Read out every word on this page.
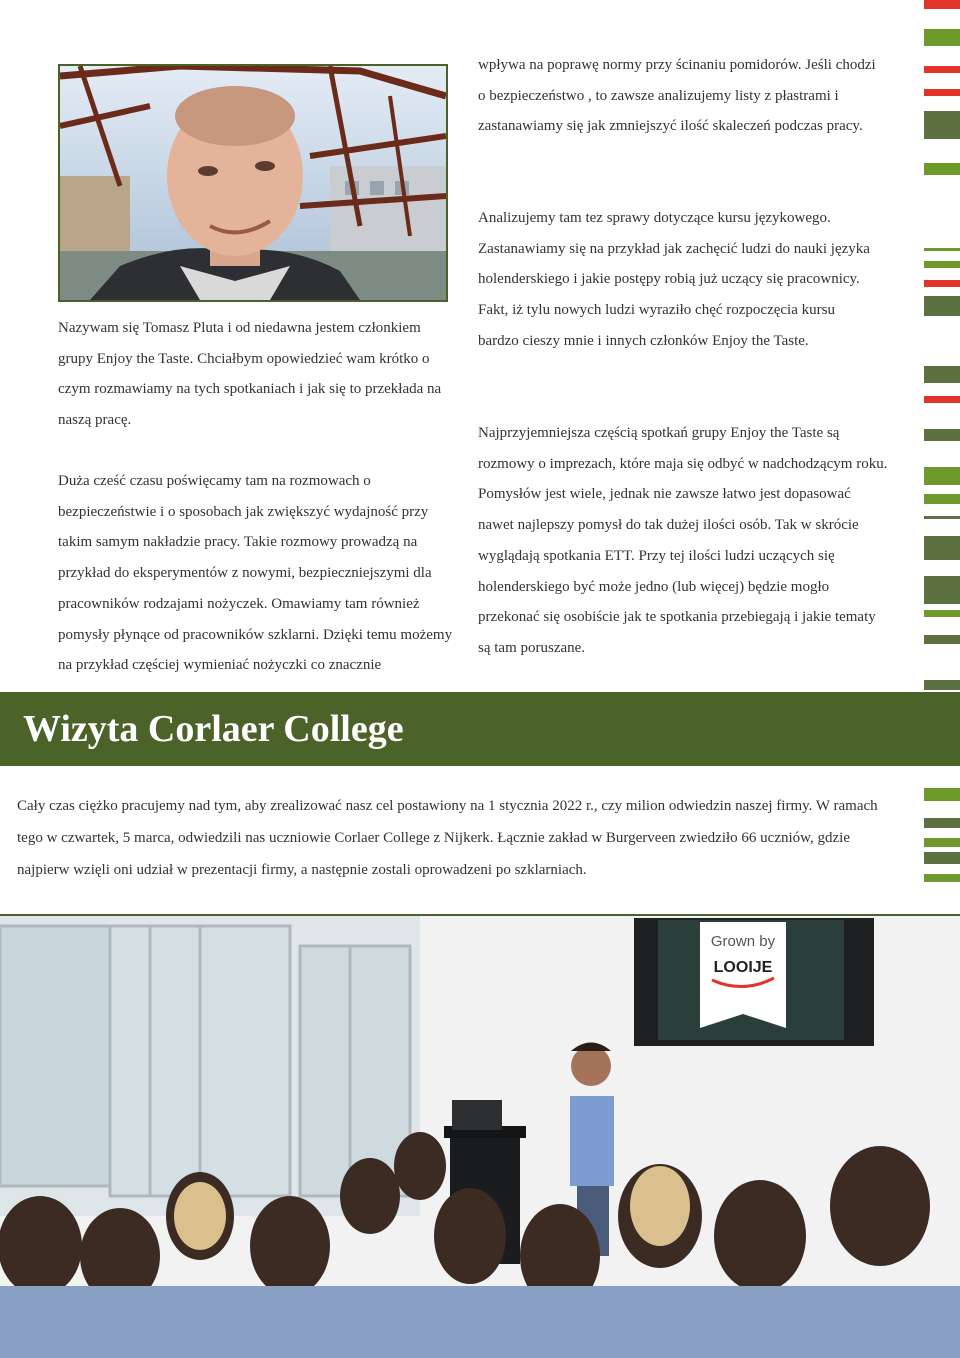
Nazywam się Tomasz Pluta i od niedawna jestem członkiem grupy Enjoy the Taste. Chciałbym opowiedzieć wam krótko o czym rozmawiamy na tych spotkaniach i jak się to przekłada na naszą pracę.

Duża cześć czasu poświęcamy tam na rozmowach o bezpieczeństwie i o sposobach jak zwiększyć wydajność przy takim samym nakładzie pracy. Takie rozmowy prowadzą na przykład do eksperymentów z nowymi, bezpieczniejszymi dla pracowników rodzajami nożyczek. Omawiamy tam również pomysły płynące od pracowników szklarni. Dzięki temu możemy na przykład częściej wymieniać nożyczki co znacznie

wpływa na poprawę normy przy ścinaniu pomidorów. Jeśli chodzi o bezpieczeństwo , to zawsze analizujemy listy z płastrami i zastanawiamy się jak zmniejszyć ilość skaleczeń podczas pracy.

Analizujemy tam tez sprawy dotyczące kursu językowego. Zastanawiamy się na przykład jak zachęcić ludzi do nauki języka holenderskiego i jakie postępy robią już uczący się pracownicy. Fakt, iż tylu nowych ludzi wyraziło chęć rozpoczęcia kursu bardzo cieszy mnie i innych członków Enjoy the Taste.

Najprzyjemniejsza częścią spotkań grupy Enjoy the Taste są rozmowy o imprezach, które maja się odbyć w nadchodzącym roku. Pomysłów jest wiele, jednak nie zawsze łatwo jest dopasować nawet najlepszy pomysł do tak dużej ilości osób. Tak w skrócie wyglądają spotkania ETT. Przy tej ilości ludzi uczących się holenderskiego być może jedno (lub więcej) będzie mogło przekonać się osobiście jak te spotkania przebiegają i jakie tematy są tam poruszane.

Wizyta Corlaer College

Cały czas ciężko pracujemy nad tym, aby zrealizować nasz cel postawiony na 1 stycznia 2022 r., czy milion odwiedzin naszej firmy. W ramach tego w czwartek, 5 marca, odwiedzili nas uczniowie Corlaer College z Nijkerk. Łącznie zakład w Burgerveen zwiedziło 66 uczniów, gdzie najpierw wzięli oni udział w prezentacji firmy, a następnie zostali oprowadzeni po szklarniach.

Grown by
LOOIJE
